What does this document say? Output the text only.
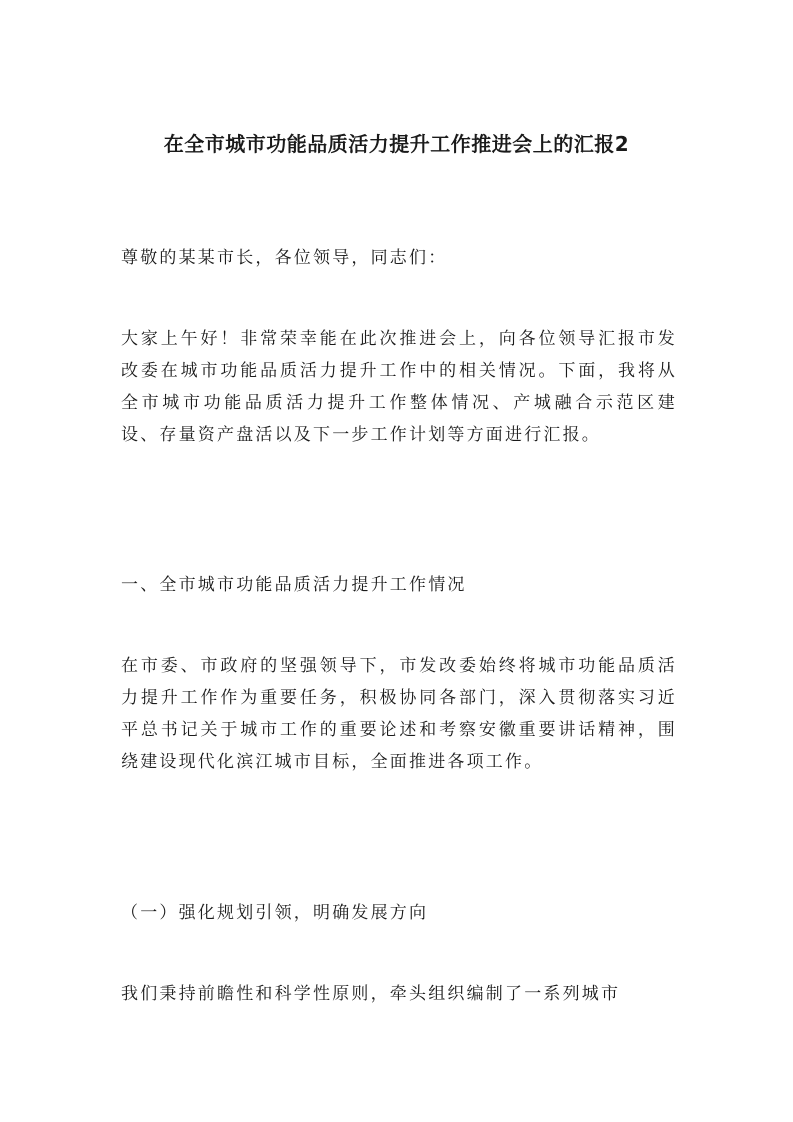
在全市城市功能品质活力提升工作推进会上的汇报2

尊敬的某某市长，各位领导，同志们：

大家上午好！非常荣幸能在此次推进会上，向各位领导汇报市发改委在城市功能品质活力提升工作中的相关情况。下面，我将从全市城市功能品质活力提升工作整体情况、产城融合示范区建设、存量资产盘活以及下一步工作计划等方面进行汇报。

一、全市城市功能品质活力提升工作情况

在市委、市政府的坚强领导下，市发改委始终将城市功能品质活力提升工作作为重要任务，积极协同各部门，深入贯彻落实习近平总书记关于城市工作的重要论述和考察安徽重要讲话精神，围绕建设现代化滨江城市目标，全面推进各项工作。

（一）强化规划引领，明确发展方向

我们秉持前瞻性和科学性原则，牵头组织编制了一系列城市
